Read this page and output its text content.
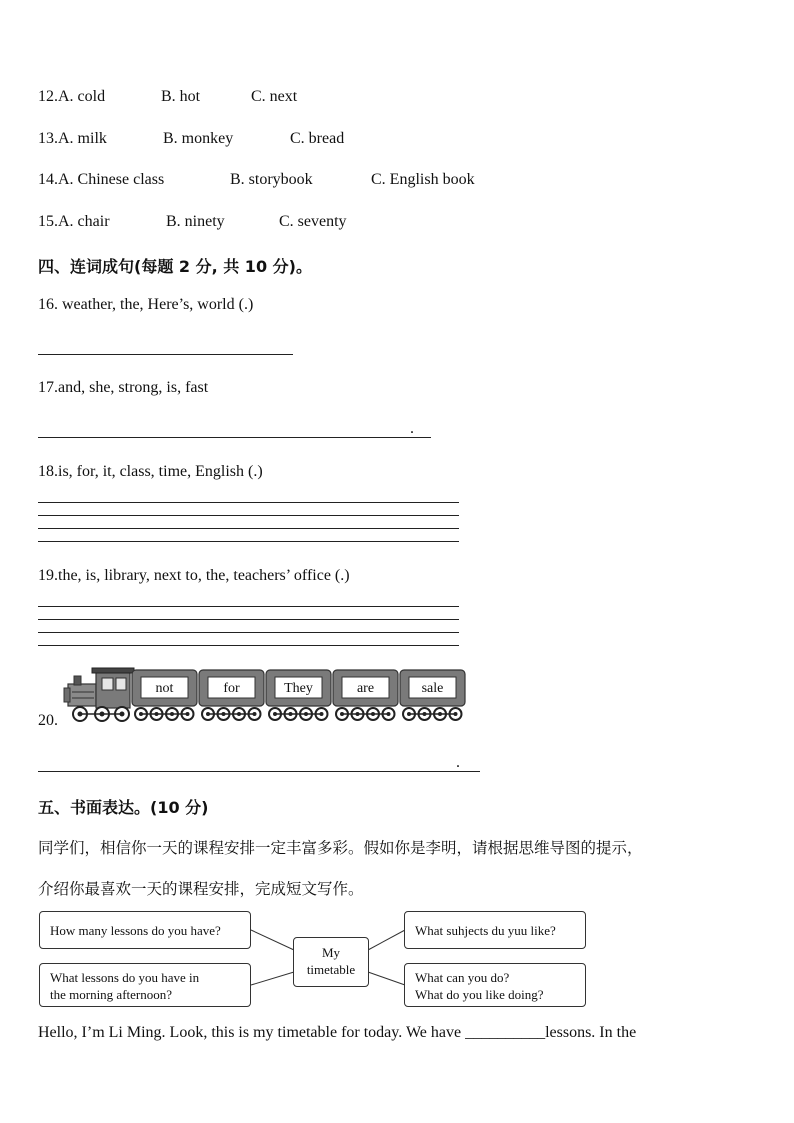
12.A. cold	B. hot	C. next
13.A. milk	B. monkey	C. bread
14.A. Chinese class	B. storybook	C. English book
15.A. chair	B. ninety	C. seventy
四、连词成句(每题 2 分, 共 10 分)。
16. weather, the, Here’s, world (.)
17.and, she, strong, is, fast
.
18.is, for, it, class, time, English (.)
19.the, is, library, next to, the, teachers’ office (.)
20.
not	for	They	are	sale
.
五、书面表达。(10 分)
同学们，相信你一天的课程安排一定丰富多彩。假如你是李明，请根据思维导图的提示，
介绍你最喜欢一天的课程安排，完成短文写作。
How many lessons do you have?
What lessons do you have in
the morning afternoon?
My
timetable
What suhjects du yuu like?
What can you do?
What do you like doing?
Hello, I’m Li Ming. Look, this is my timetable for today. We have __________lessons. In the
